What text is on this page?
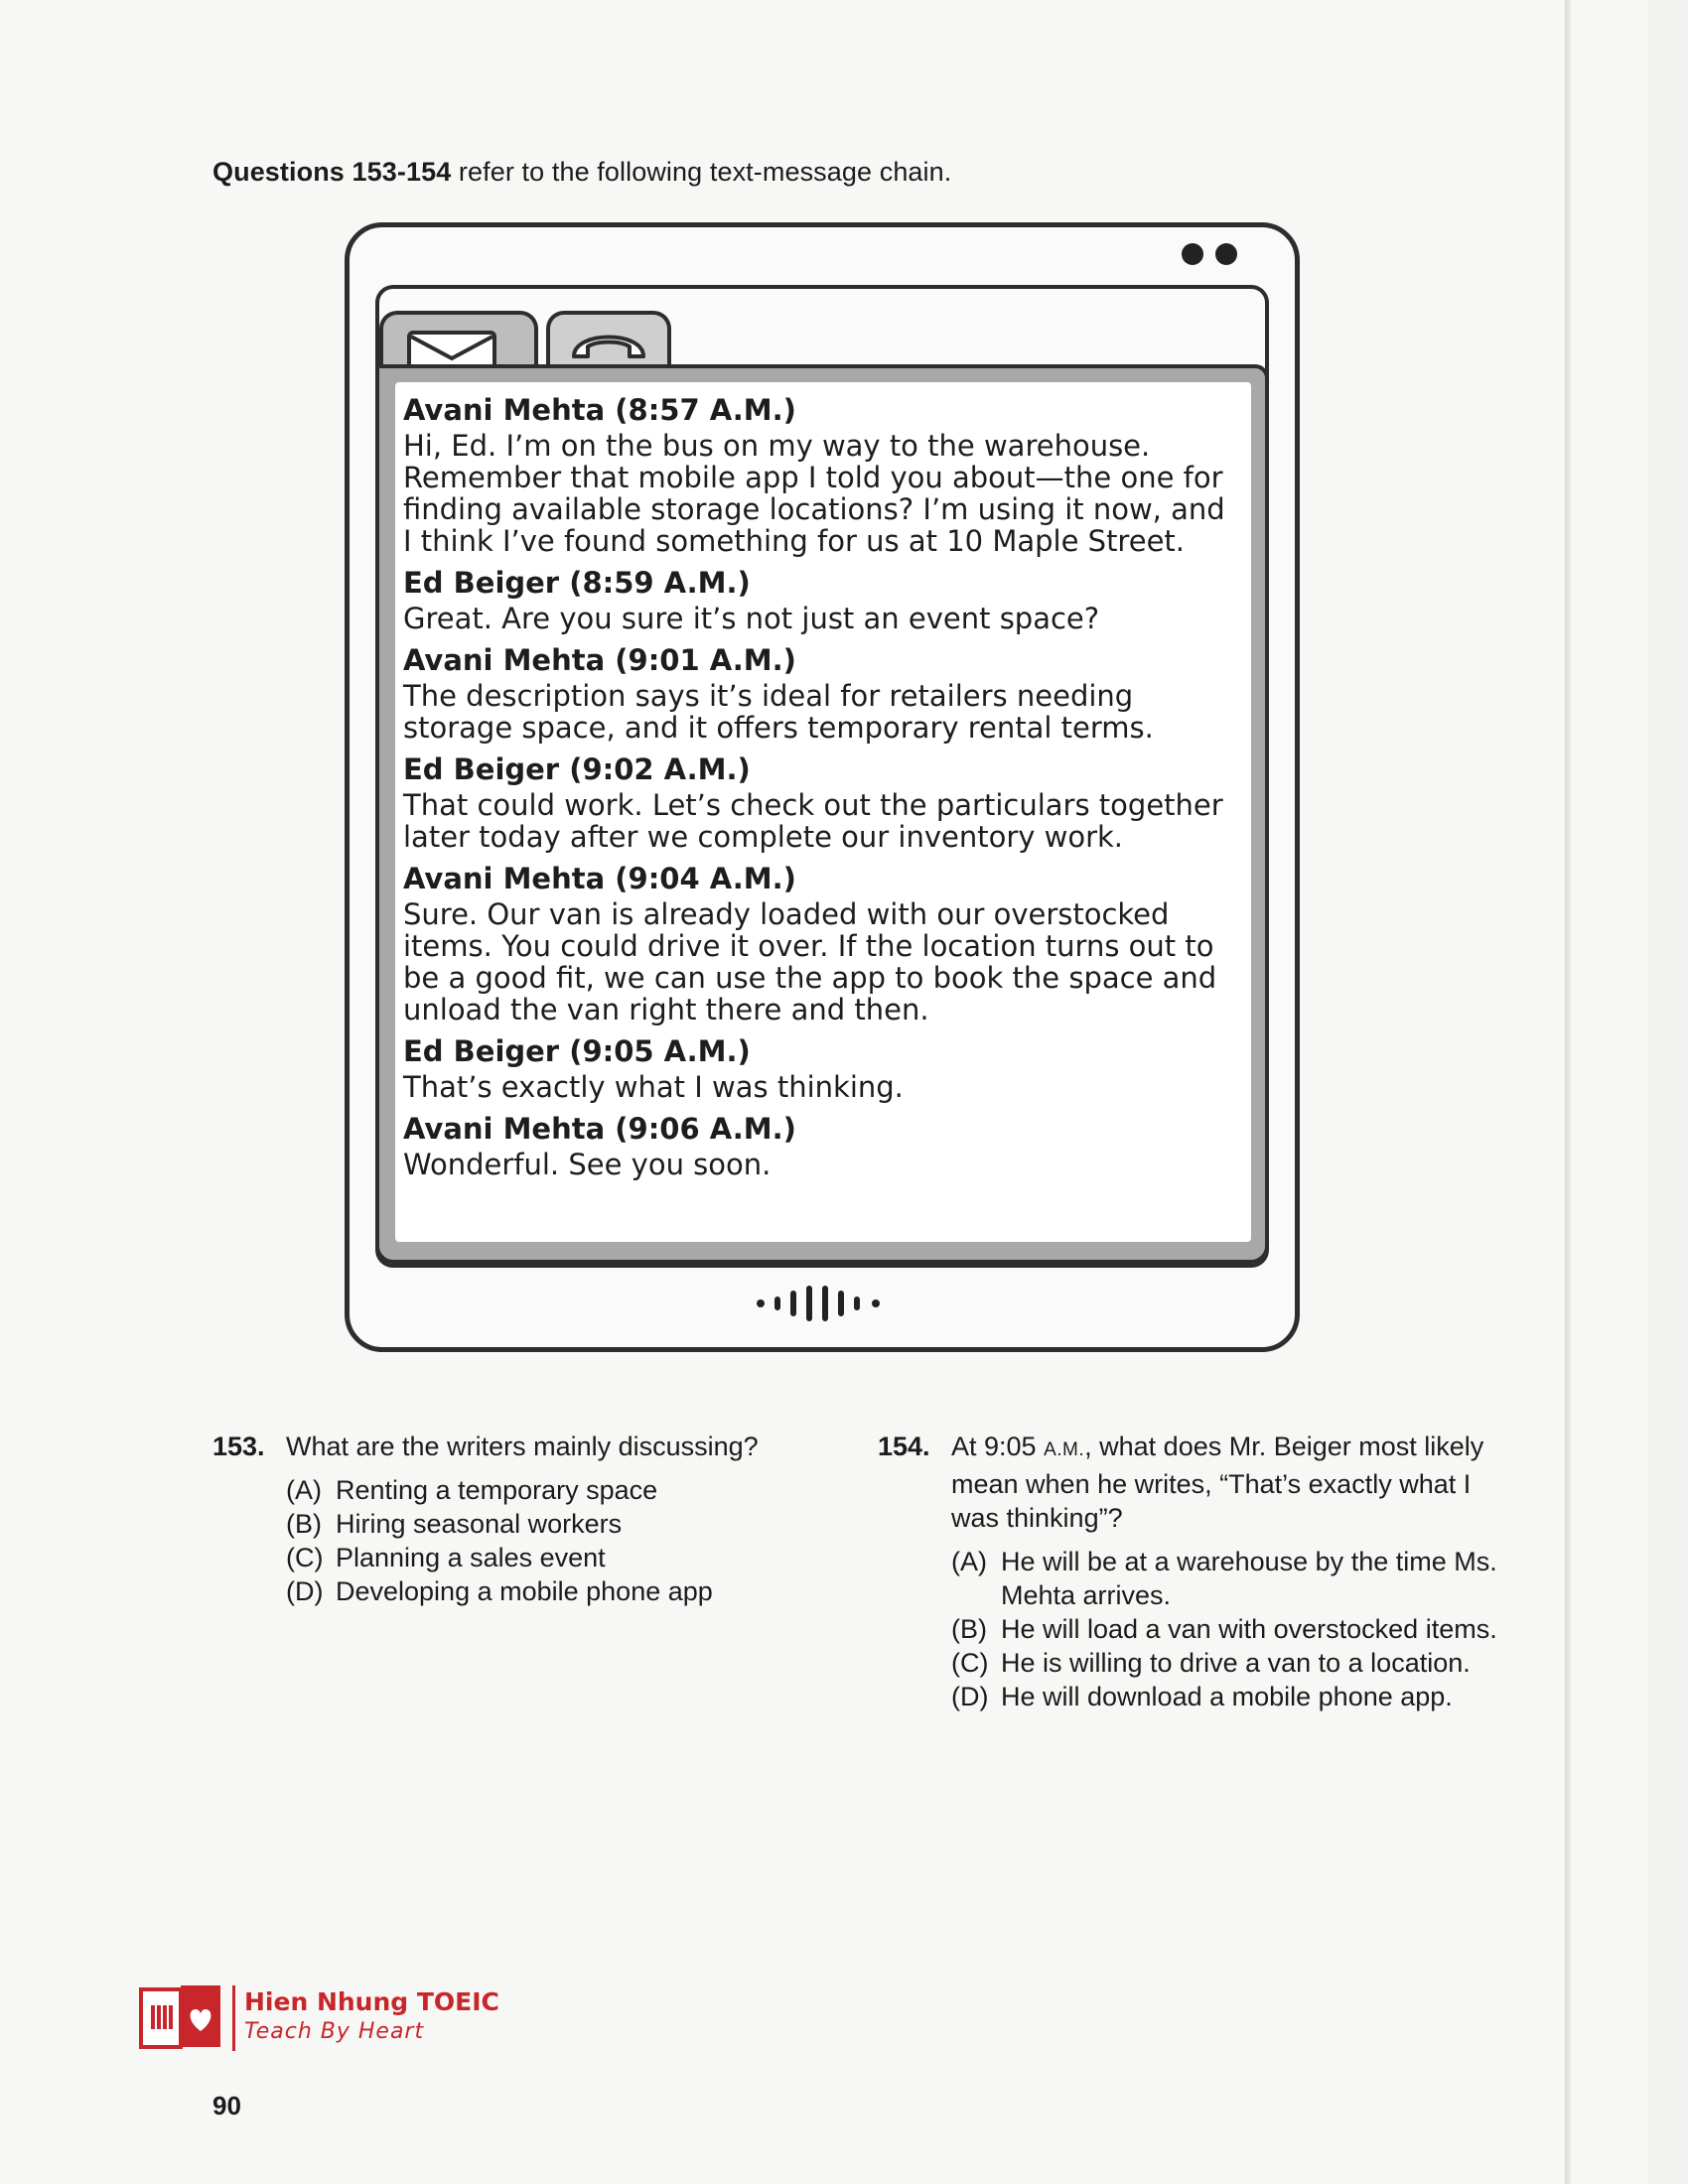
Questions 153-154 refer to the following text-message chain.
Avani Mehta (8:57 A.M.)
Hi, Ed. I’m on the bus on my way to the warehouse. Remember that mobile app I told you about—the one for finding available storage locations? I’m using it now, and I think I’ve found something for us at 10 Maple Street.
Ed Beiger (8:59 A.M.)
Great. Are you sure it’s not just an event space?
Avani Mehta (9:01 A.M.)
The description says it’s ideal for retailers needing storage space, and it offers temporary rental terms.
Ed Beiger (9:02 A.M.)
That could work. Let’s check out the particulars together later today after we complete our inventory work.
Avani Mehta (9:04 A.M.)
Sure. Our van is already loaded with our overstocked items. You could drive it over. If the location turns out to be a good fit, we can use the app to book the space and unload the van right there and then.
Ed Beiger (9:05 A.M.)
That’s exactly what I was thinking.
Avani Mehta (9:06 A.M.)
Wonderful. See you soon.
153. What are the writers mainly discussing?
(A) Renting a temporary space
(B) Hiring seasonal workers
(C) Planning a sales event
(D) Developing a mobile phone app
154. At 9:05 A.M., what does Mr. Beiger most likely mean when he writes, “That’s exactly what I was thinking”?
(A) He will be at a warehouse by the time Ms. Mehta arrives.
(B) He will load a van with overstocked items.
(C) He is willing to drive a van to a location.
(D) He will download a mobile phone app.
Hien Nhung TOEIC
Teach By Heart
90
